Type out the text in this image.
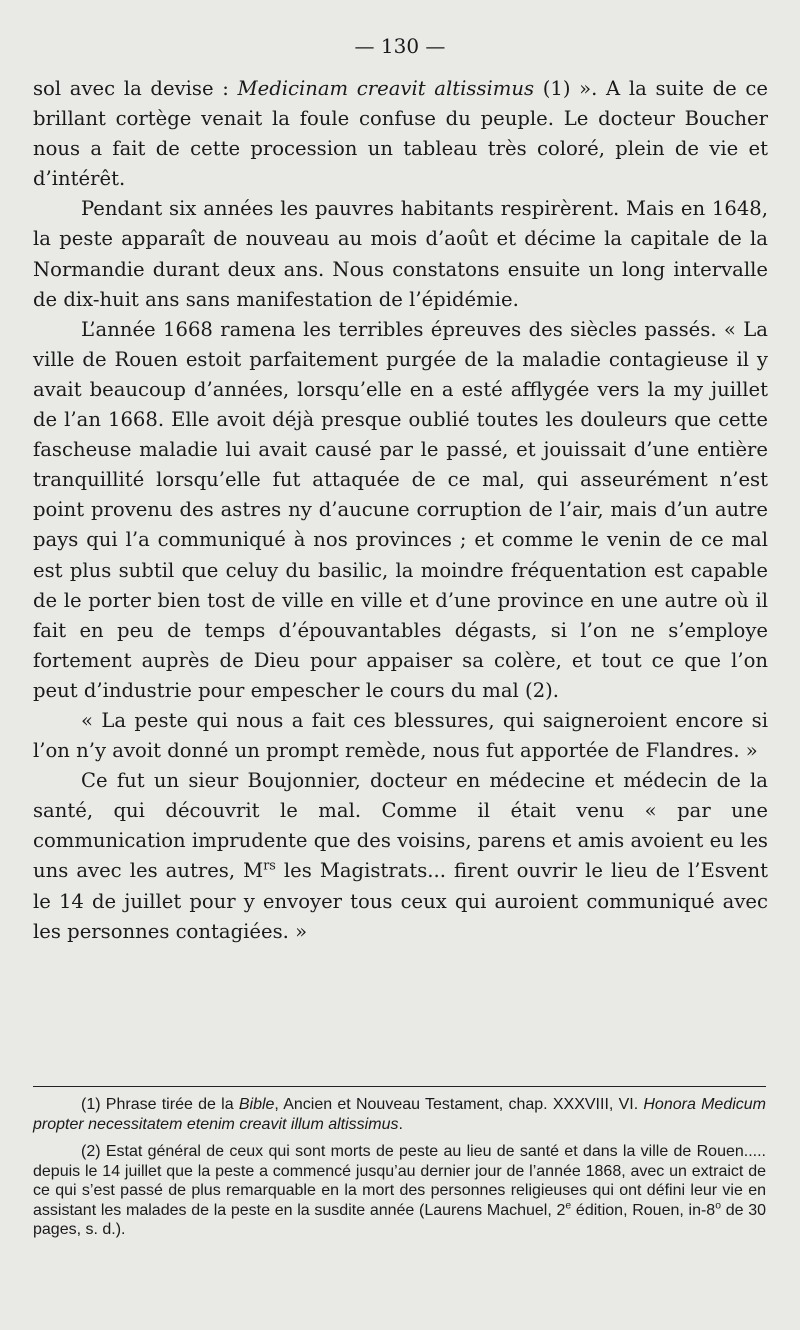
— 130 —

sol avec la devise : Medicinam creavit altissimus (1) ». A la suite de ce brillant cortège venait la foule confuse du peuple. Le docteur Boucher nous a fait de cette procession un tableau très coloré, plein de vie et d’intérêt.

Pendant six années les pauvres habitants respirèrent. Mais en 1648, la peste apparaît de nouveau au mois d’août et décime la capitale de la Normandie durant deux ans. Nous constatons ensuite un long intervalle de dix-huit ans sans manifestation de l’épidémie.

L’année 1668 ramena les terribles épreuves des siècles passés. « La ville de Rouen estoit parfaitement purgée de la maladie contagieuse il y avait beaucoup d’années, lorsqu’elle en a esté afflygée vers la my juillet de l’an 1668. Elle avoit déjà presque oublié toutes les douleurs que cette fascheuse maladie lui avait causé par le passé, et jouissait d’une entière tranquillité lorsqu’elle fut attaquée de ce mal, qui asseurément n’est point provenu des astres ny d’aucune corruption de l’air, mais d’un autre pays qui l’a communiqué à nos provinces ; et comme le venin de ce mal est plus subtil que celuy du basilic, la moindre fréquentation est capable de le porter bien tost de ville en ville et d’une province en une autre où il fait en peu de temps d’épouvantables dégasts, si l’on ne s’employe fortement auprès de Dieu pour appaiser sa colère, et tout ce que l’on peut d’industrie pour empescher le cours du mal (2).

« La peste qui nous a fait ces blessures, qui saigneroient encore si l’on n’y avoit donné un prompt remède, nous fut apportée de Flandres. »

Ce fut un sieur Boujonnier, docteur en médecine et médecin de la santé, qui découvrit le mal. Comme il était venu « par une communication imprudente que des voisins, parens et amis avoient eu les uns avec les autres, $M^{rs}$ les Magistrats... firent ouvrir le lieu de l’Esvent le 14 de juillet pour y envoyer tous ceux qui auroient communiqué avec les personnes contagiées. »

(1) Phrase tirée de la Bible, Ancien et Nouveau Testament, chap. XXXVIII, VI. Honora Medicum propter necessitatem etenim creavit illum altissimus.

(2) Estat général de ceux qui sont morts de peste au lieu de santé et dans la ville de Rouen..... depuis le 14 juillet que la peste a commencé jusqu’au dernier jour de l’année 1868, avec un extraict de ce qui s’est passé de plus remarquable en la mort des personnes religieuses qui ont défini leur vie en assistant les malades de la peste en la susdite année (Laurens Machuel, 2e édition, Rouen, in-8$^o$ de 30 pages, s. d.).
